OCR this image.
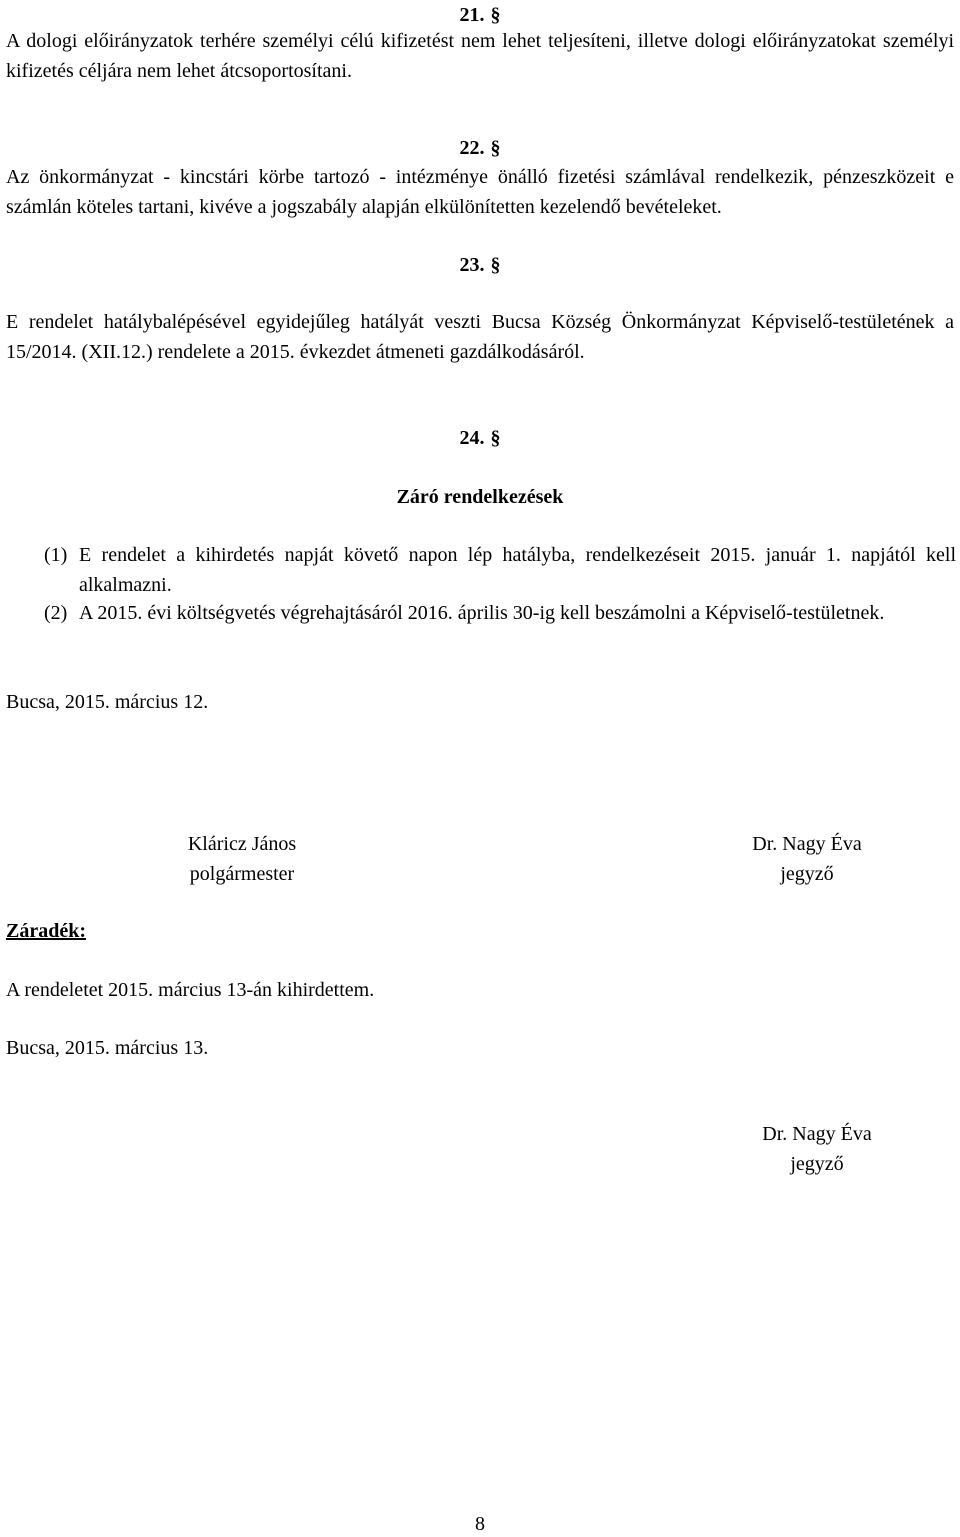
21. §

A dologi előirányzatok terhére személyi célú kifizetést nem lehet teljesíteni, illetve dologi előirányzatokat személyi kifizetés céljára nem lehet átcsoportosítani.

22. §

Az önkormányzat - kincstári körbe tartozó - intézménye önálló fizetési számlával rendelkezik, pénzeszközeit e számlán köteles tartani, kivéve a jogszabály alapján elkülönítetten kezelendő bevételeket.

23. §

E rendelet hatálybalépésével egyidejűleg hatályát veszti Bucsa Község Önkormányzat Képviselő-testületének a 15/2014. (XII.12.) rendelete a 2015. évkezdet átmeneti gazdálkodásáról.

24. §
Záró rendelkezések
(1) E rendelet a kihirdetés napját követő napon lép hatályba, rendelkezéseit 2015. január 1. napjától kell alkalmazni.

(2) A 2015. évi költségvetés végrehajtásáról 2016. április 30-ig kell beszámolni a Képviselő-testületnek.

Bucsa, 2015. március 12.
Kláricz János
polgármester
Dr. Nagy Éva
jegyző
Záradék:
A rendeletet 2015. március 13-án kihirdettem.
Bucsa, 2015. március 13.
Dr. Nagy Éva
jegyző
8
